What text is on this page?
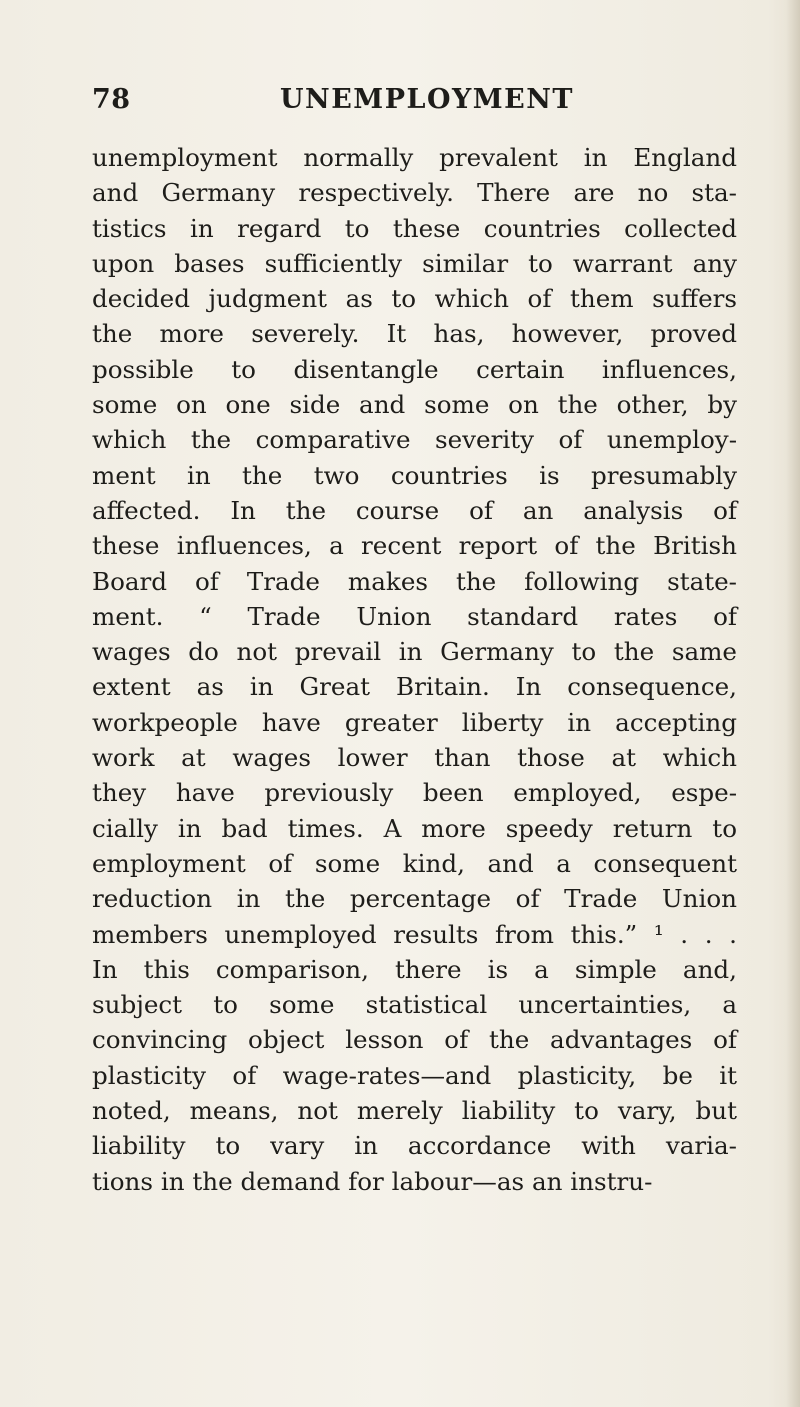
78	UNEMPLOYMENT
unemployment normally prevalent in England
and Germany respectively. There are no sta-
tistics in regard to these countries collected
upon bases sufficiently similar to warrant any
decided judgment as to which of them suffers
the more severely. It has, however, proved
possible to disentangle certain influences,
some on one side and some on the other, by
which the comparative severity of unemploy-
ment in the two countries is presumably
affected. In the course of an analysis of
these influences, a recent report of the British
Board of Trade makes the following state-
ment. “ Trade Union standard rates of
wages do not prevail in Germany to the same
extent as in Great Britain. In consequence,
workpeople have greater liberty in accepting
work at wages lower than those at which
they have previously been employed, espe-
cially in bad times. A more speedy return to
employment of some kind, and a consequent
reduction in the percentage of Trade Union
members unemployed results from this.” ¹ . . .
In this comparison, there is a simple and,
subject to some statistical uncertainties, a
convincing object lesson of the advantages of
plasticity of wage-rates—and plasticity, be it
noted, means, not merely liability to vary, but
liability to vary in accordance with varia-
tions in the demand for labour—as an instru-
